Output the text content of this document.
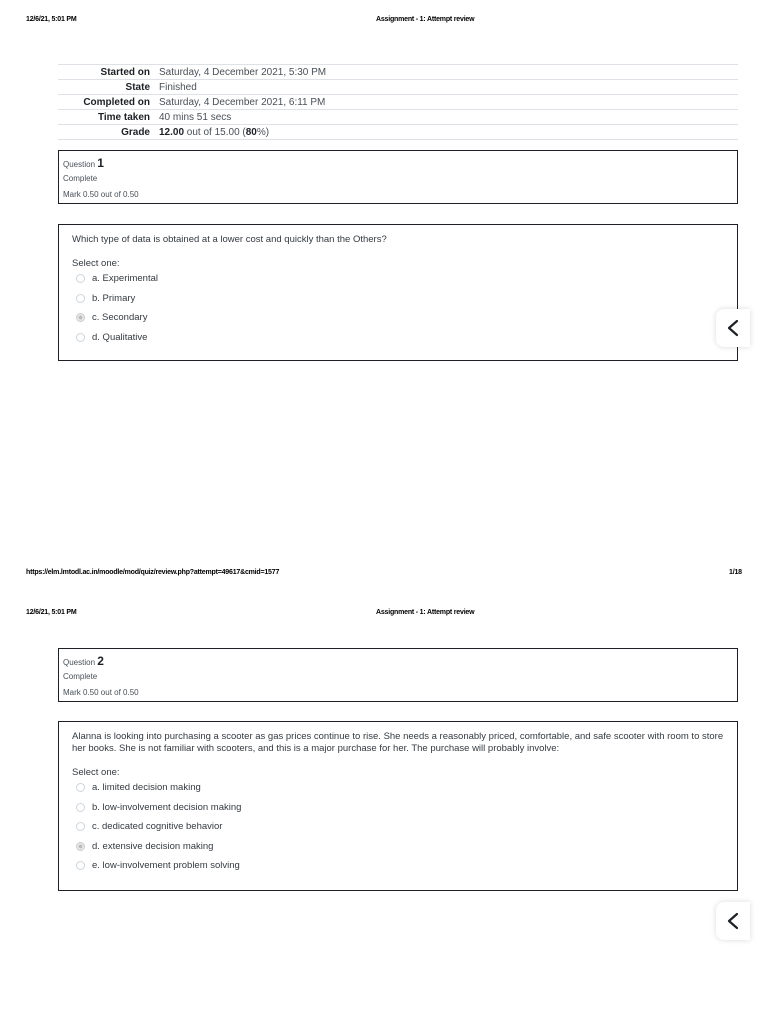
12/6/21, 5:01 PM	Assignment - 1: Attempt review
Started on	Saturday, 4 December 2021, 5:30 PM
State	Finished
Completed on	Saturday, 4 December 2021, 6:11 PM
Time taken	40 mins 51 secs
Grade	12.00 out of 15.00 (80%)
Question 1
Complete
Mark 0.50 out of 0.50
Which type of data is obtained at a lower cost and quickly than the Others?
Select one:
a. Experimental
b. Primary
c. Secondary
d. Qualitative
https://elm.lmtodl.ac.in/moodle/mod/quiz/review.php?attempt=49617&cmid=1577	1/18
12/6/21, 5:01 PM	Assignment - 1: Attempt review
Question 2
Complete
Mark 0.50 out of 0.50
Alanna is looking into purchasing a scooter as gas prices continue to rise. She needs a reasonably priced, comfortable, and safe scooter with room to store her books. She is not familiar with scooters, and this is a major purchase for her. The purchase will probably involve:
Select one:
a. limited decision making
b. low-involvement decision making
c. dedicated cognitive behavior
d. extensive decision making
e. low-involvement problem solving
